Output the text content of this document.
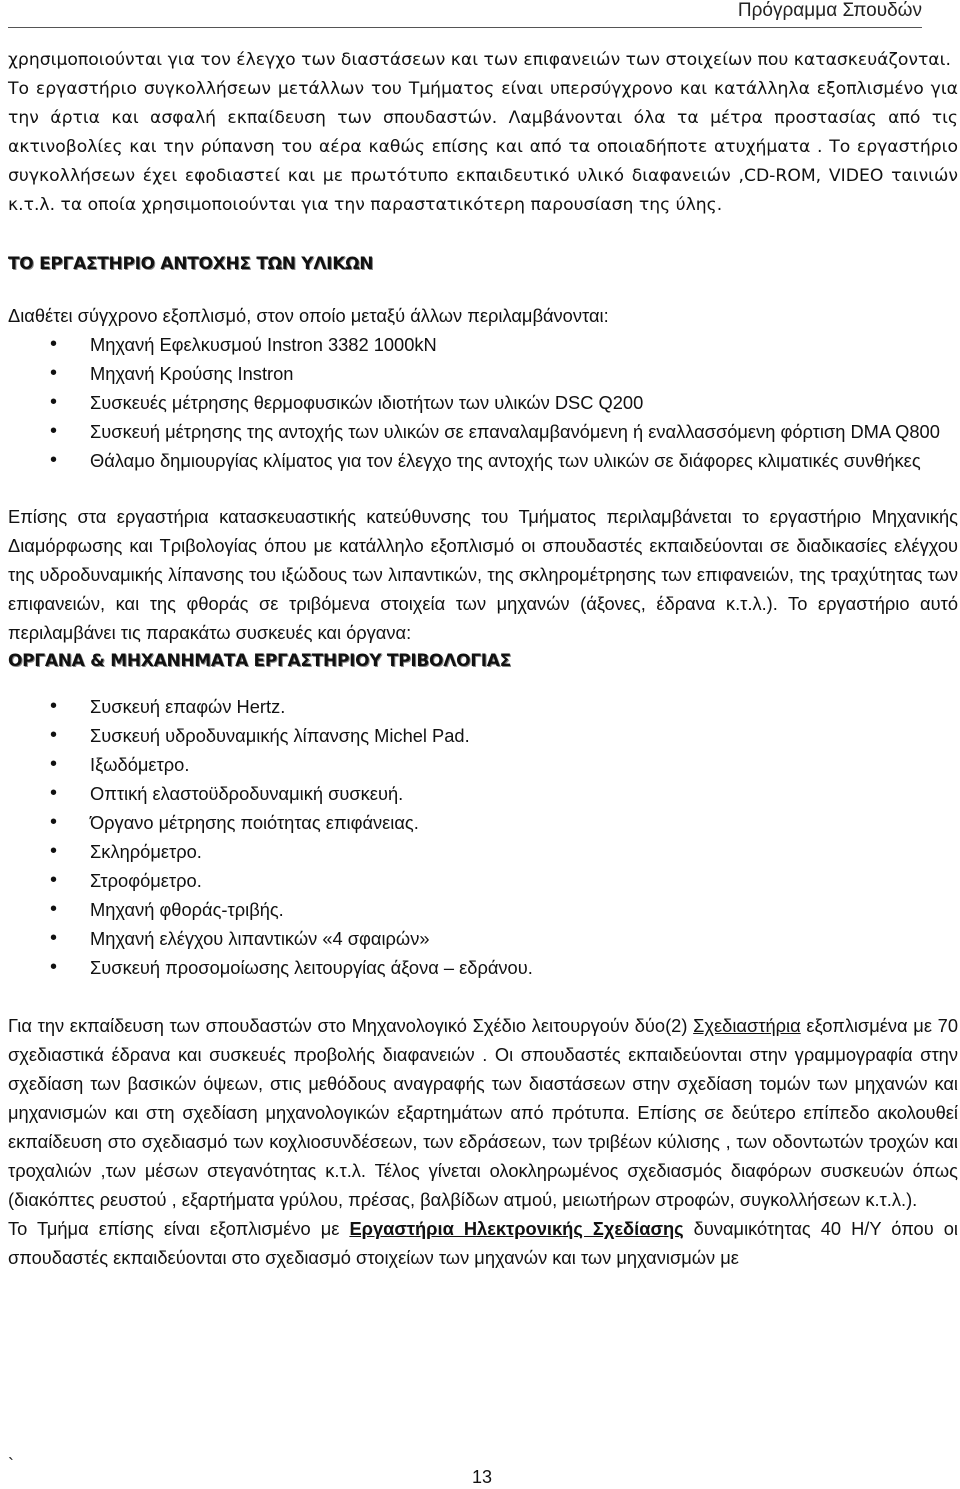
Πρόγραμμα Σπουδών

χρησιμοποιούνται για τον έλεγχο των διαστάσεων και των επιφανειών των στοιχείων που κατασκευάζονται.

Το εργαστήριο συγκολλήσεων μετάλλων του Τμήματος είναι υπερσύγχρονο και κατάλληλα εξοπλισμένο για την άρτια και ασφαλή εκπαίδευση των σπουδαστών. Λαμβάνονται όλα τα μέτρα προστασίας από τις ακτινοβολίες και την ρύπανση του αέρα καθώς επίσης και από τα οποιαδήποτε ατυχήματα . Το εργαστήριο συγκολλήσεων έχει εφοδιαστεί και με πρωτότυπο εκπαιδευτικό υλικό διαφανειών ,CD-ROM, VIDEO ταινιών κ.τ.λ. τα οποία χρησιμοποιούνται για την παραστατικότερη παρουσίαση της ύλης.

ΤΟ ΕΡΓΑΣΤΗΡΙΟ ΑΝΤΟΧΗΣ ΤΩΝ ΥΛΙΚΩΝ

Διαθέτει σύγχρονο εξοπλισμό, στον οποίο μεταξύ άλλων περιλαμβάνονται:

• Μηχανή Εφελκυσμού Instron 3382 1000kN
• Μηχανή Κρούσης Instron
• Συσκευές μέτρησης θερμοφυσικών ιδιοτήτων των υλικών DSC Q200
• Συσκευή μέτρησης της αντοχής των υλικών σε επαναλαμβανόμενη ή εναλλασσόμενη φόρτιση DMA Q800
• Θάλαμο δημιουργίας κλίματος για τον έλεγχο της αντοχής των υλικών σε διάφορες κλιματικές συνθήκες

Επίσης στα εργαστήρια κατασκευαστικής κατεύθυνσης του Τμήματος περιλαμβάνεται το εργαστήριο Μηχανικής Διαμόρφωσης και Τριβολογίας όπου με κατάλληλο εξοπλισμό οι σπουδαστές εκπαιδεύονται σε διαδικασίες ελέγχου της υδροδυναμικής λίπανσης του ιξώδους των λιπαντικών, της σκληρομέτρησης των επιφανειών, της τραχύτητας των επιφανειών, και της φθοράς σε τριβόμενα στοιχεία των μηχανών (άξονες, έδρανα κ.τ.λ.). Το εργαστήριο αυτό περιλαμβάνει τις παρακάτω συσκευές και όργανα:

ΟΡΓΑΝΑ & ΜΗΧΑΝΗΜΑΤΑ ΕΡΓΑΣΤΗΡΙΟΥ ΤΡΙΒΟΛΟΓΙΑΣ

• Συσκευή επαφών Hertz.
• Συσκευή υδροδυναμικής λίπανσης Michel Pad.
• Ιξωδόμετρο.
• Οπτική ελαστοϋδροδυναμική συσκευή.
• Όργανο μέτρησης ποιότητας επιφάνειας.
• Σκληρόμετρο.
• Στροφόμετρο.
• Μηχανή φθοράς-τριβής.
• Μηχανή ελέγχου λιπαντικών «4 σφαιρών»
• Συσκευή προσομοίωσης λειτουργίας άξονα – εδράνου.

Για την εκπαίδευση των σπουδαστών στο Μηχανολογικό Σχέδιο λειτουργούν δύο(2) Σχεδιαστήρια εξοπλισμένα με 70 σχεδιαστικά έδρανα και συσκευές προβολής διαφανειών . Οι σπουδαστές εκπαιδεύονται στην γραμμογραφία στην σχεδίαση των βασικών όψεων, στις μεθόδους αναγραφής των διαστάσεων στην σχεδίαση τομών των μηχανών και μηχανισμών και στη σχεδίαση μηχανολογικών εξαρτημάτων από πρότυπα. Επίσης σε δεύτερο επίπεδο ακολουθεί εκπαίδευση στο σχεδιασμό των κοχλιοσυνδέσεων, των εδράσεων, των τριβέων κύλισης , των οδοντωτών τροχών και τροχαλιών ,των μέσων στεγανότητας κ.τ.λ. Τέλος γίνεται ολοκληρωμένος σχεδιασμός διαφόρων συσκευών όπως (διακόπτες ρευστού , εξαρτήματα γρύλου, πρέσας, βαλβίδων ατμού, μειωτήρων στροφών, συγκολλήσεων κ.τ.λ.).

Το Τμήμα επίσης είναι εξοπλισμένο με Εργαστήρια Ηλεκτρονικής Σχεδίασης δυναμικότητας 40 Η/Υ όπου οι σπουδαστές εκπαιδεύονται στο σχεδιασμό στοιχείων των μηχανών και των μηχανισμών με

`
13
